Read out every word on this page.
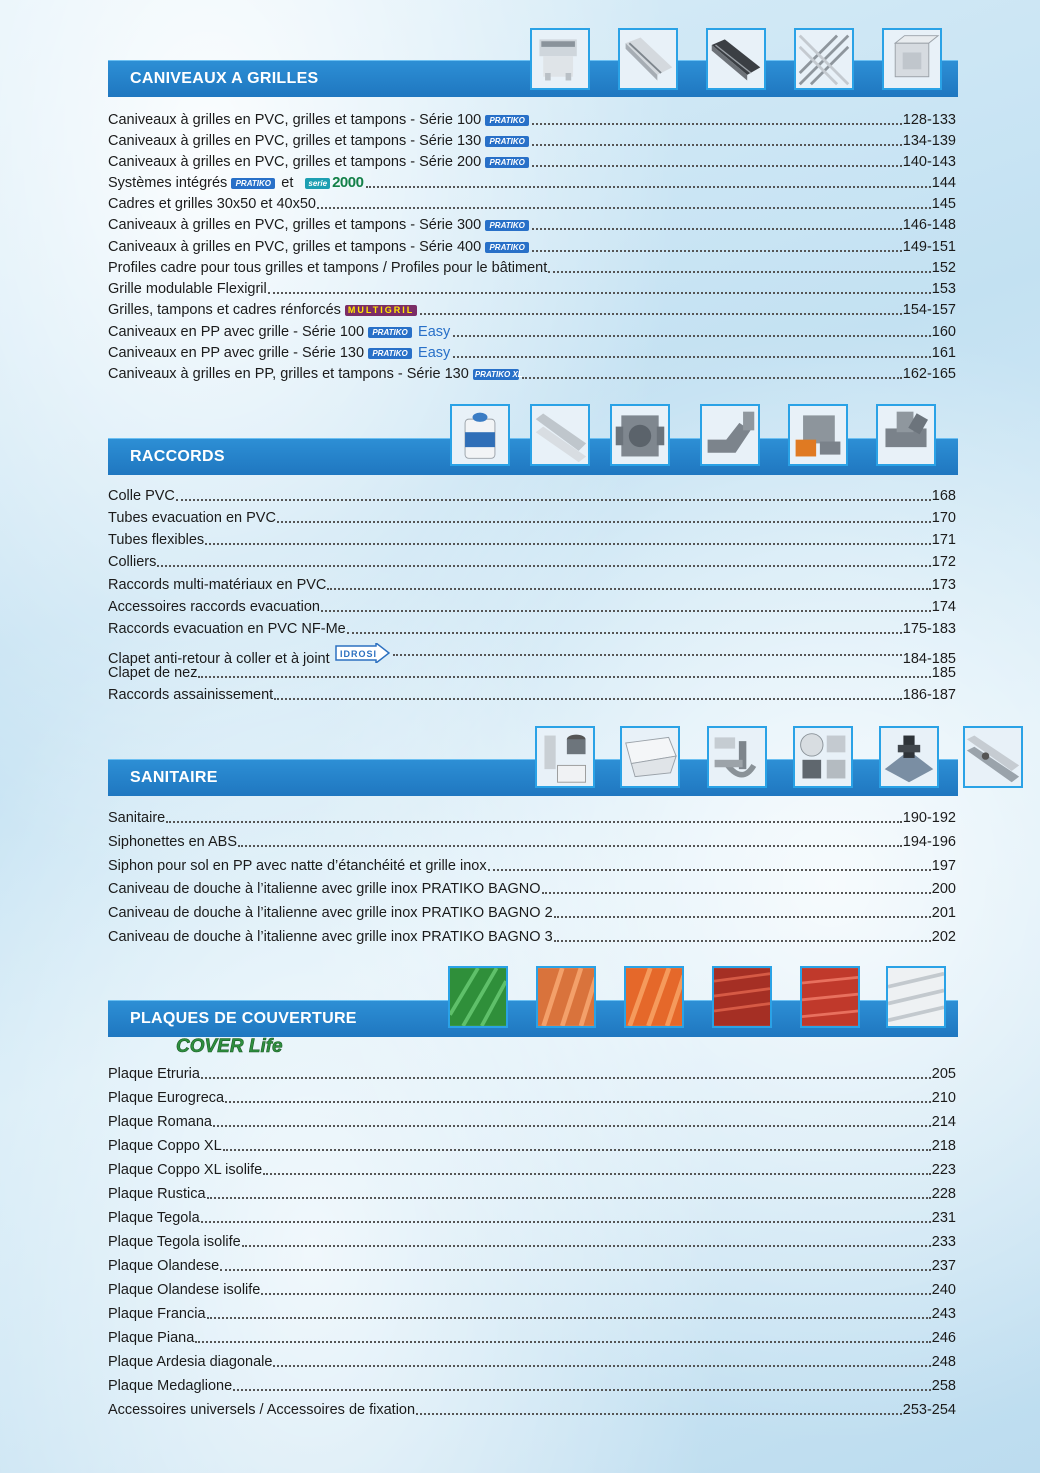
CANIVEAUX A GRILLES
Caniveaux à grilles en PVC, grilles et tampons - Série 100	PRATIKO	128-133
Caniveaux à grilles en PVC, grilles et tampons - Série 130	PRATIKO	134-139
Caniveaux à grilles en PVC, grilles et tampons - Série 200	PRATIKO	140-143
Systèmes intégrés	PRATIKO et	serie 2000	144
Cadres et grilles 30x50 et 40x50	145
Caniveaux à grilles en PVC, grilles et tampons - Série 300	PRATIKO	146-148
Caniveaux à grilles en PVC, grilles et tampons - Série 400	PRATIKO	149-151
Profiles cadre pour tous grilles et tampons / Profiles pour le bâtiment	152
Grille modulable Flexigril	153
Grilles, tampons et cadres rénforcés MULTIGRIL	154-157
Caniveaux en PP avec grille - Série 100	PRATIKO Easy	160
Caniveaux en PP avec grille - Série 130	PRATIKO Easy	161
Caniveaux à grilles en PP, grilles et tampons - Série 130 PRATIKO XL	162-165
RACCORDS
Colle PVC	168
Tubes evacuation en PVC	170
Tubes flexibles	171
Colliers	172
Raccords multi-matériaux en PVC	173
Accessoires raccords evacuation	174
Raccords evacuation en PVC NF-Me	175-183
Clapet anti-retour à coller et à joint IDROSI	184-185
Clapet de nez	185
Raccords assainissement	186-187
SANITAIRE
Sanitaire	190-192
Siphonettes en ABS	194-196
Siphon pour sol en PP avec natte d’étanchéité et grille inox	197
Caniveau de douche à l’italienne avec grille inox PRATIKO BAGNO	200
Caniveau de douche à l’italienne avec grille inox PRATIKO BAGNO 2	201
Caniveau de douche à l’italienne avec grille inox PRATIKO BAGNO 3	202
PLAQUES DE COUVERTURE
COVER Life
Plaque Etruria	205
Plaque Eurogreca	210
Plaque Romana	214
Plaque Coppo XL	218
Plaque Coppo XL isolife	223
Plaque Rustica	228
Plaque Tegola	231
Plaque Tegola isolife	233
Plaque Olandese	237
Plaque Olandese isolife	240
Plaque Francia	243
Plaque Piana	246
Plaque Ardesia diagonale	248
Plaque Medaglione	258
Accessoires universels / Accessoires de fixation	253-254
